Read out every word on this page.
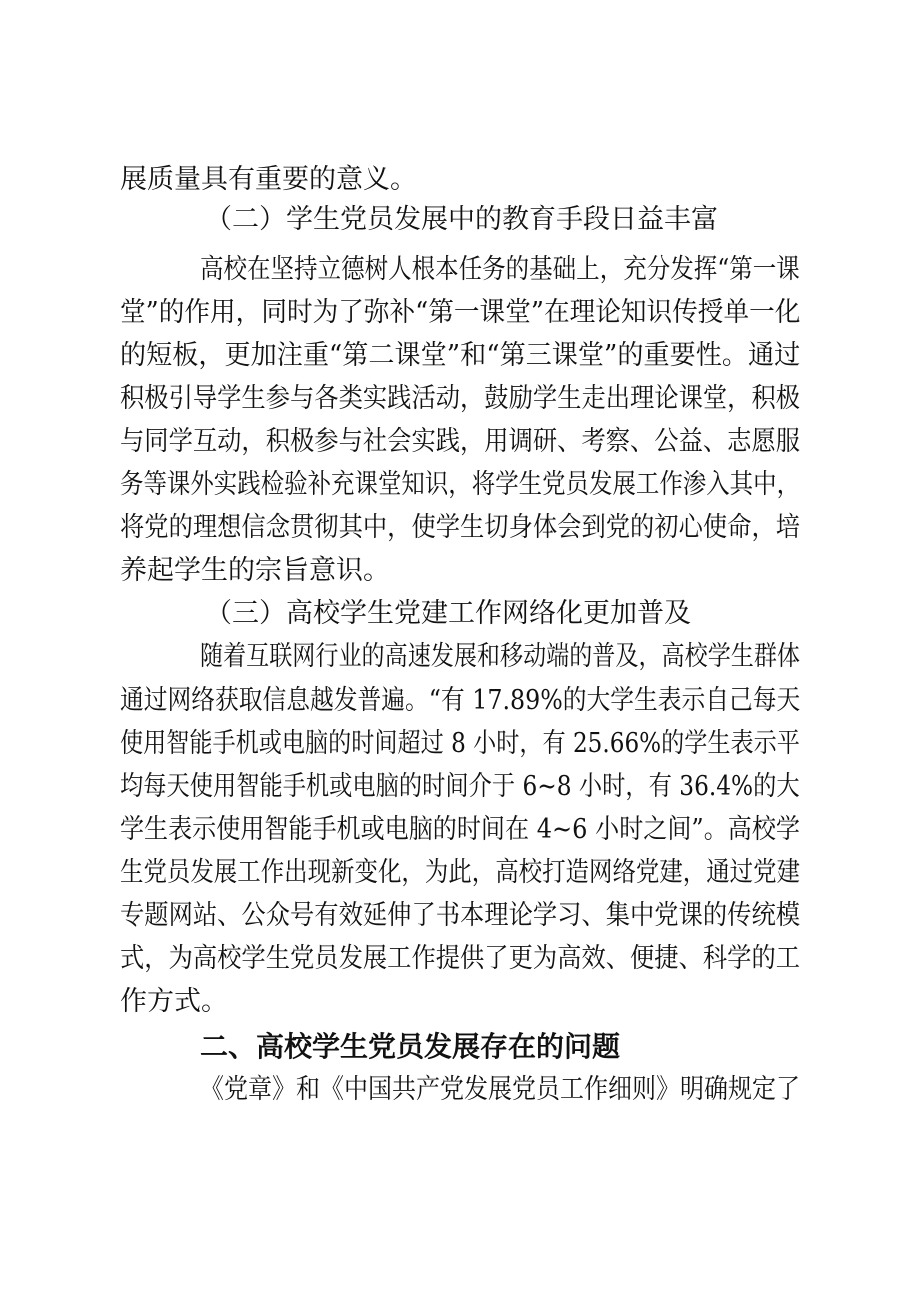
展质量具有重要的意义。
（二）学生党员发展中的教育手段日益丰富
高校在坚持立德树人根本任务的基础上，充分发挥“第一课
堂”的作用，同时为了弥补“第一课堂”在理论知识传授单一化
的短板，更加注重“第二课堂”和“第三课堂”的重要性。通过
积极引导学生参与各类实践活动，鼓励学生走出理论课堂，积极
与同学互动，积极参与社会实践，用调研、考察、公益、志愿服
务等课外实践检验补充课堂知识，将学生党员发展工作渗入其中，
将党的理想信念贯彻其中，使学生切身体会到党的初心使命，培
养起学生的宗旨意识。
（三）高校学生党建工作网络化更加普及
随着互联网行业的高速发展和移动端的普及，高校学生群体
通过网络获取信息越发普遍。“有 17.89%的大学生表示自己每天
使用智能手机或电脑的时间超过 8 小时，有 25.66%的学生表示平
均每天使用智能手机或电脑的时间介于 6~8 小时，有 36.4%的大
学生表示使用智能手机或电脑的时间在 4~6 小时之间”。高校学
生党员发展工作出现新变化，为此，高校打造网络党建，通过党建
专题网站、公众号有效延伸了书本理论学习、集中党课的传统模
式，为高校学生党员发展工作提供了更为高效、便捷、科学的工
作方式。
二、高校学生党员发展存在的问题
《党章》和《中国共产党发展党员工作细则》明确规定了
